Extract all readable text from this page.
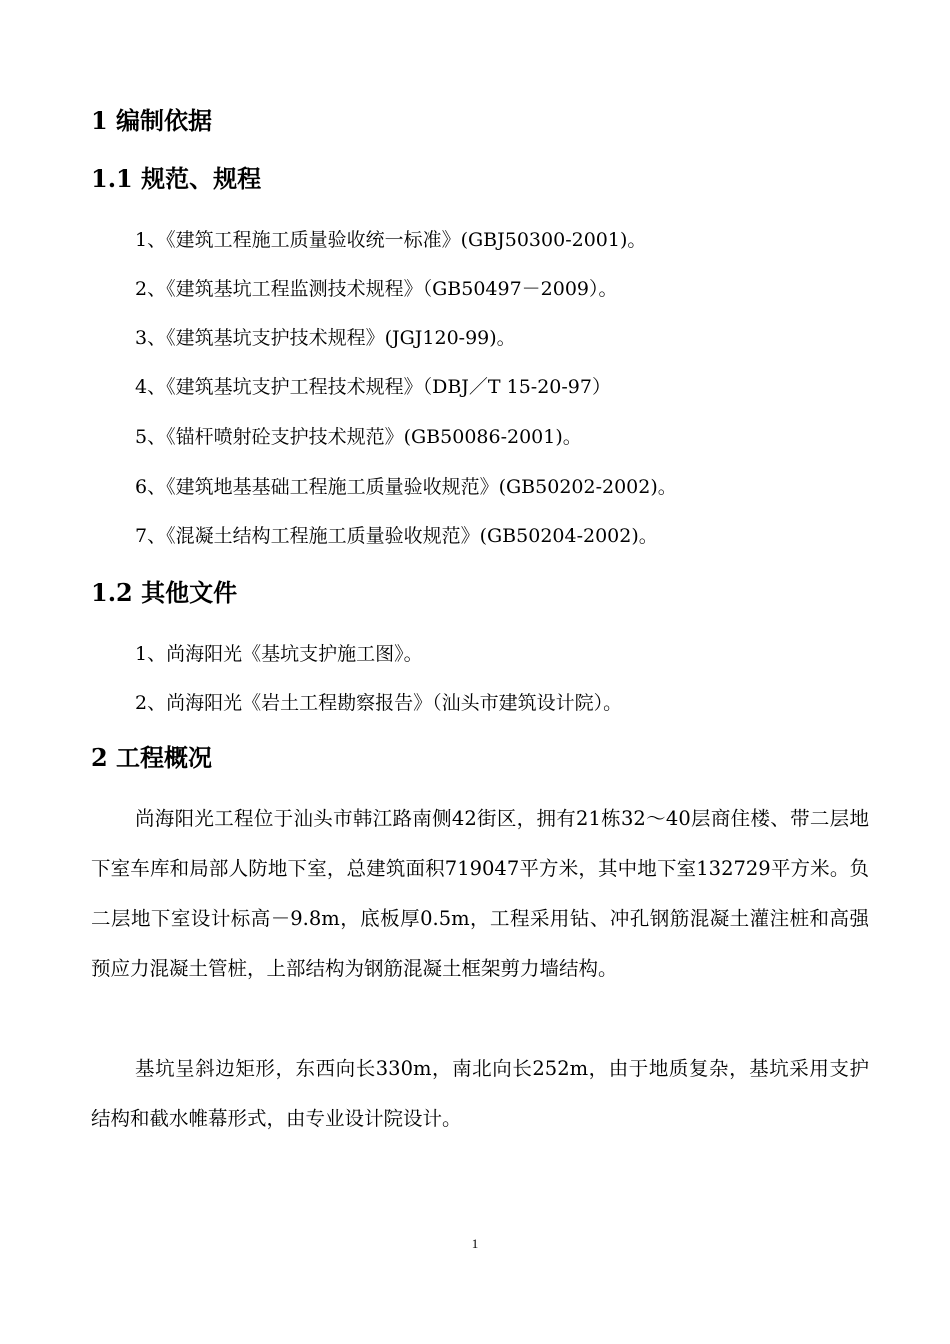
1 编制依据
1.1 规范、规程
1、《建筑工程施工质量验收统一标准》(GBJ50300-2001)。
2、《建筑基坑工程监测技术规程》（GB50497－2009）。
3、《建筑基坑支护技术规程》(JGJ120-99)。
4、《建筑基坑支护工程技术规程》（DBJ／T 15-20-97）
5、《锚杆喷射砼支护技术规范》(GB50086-2001)。
6、《建筑地基基础工程施工质量验收规范》(GB50202-2002)。
7、《混凝土结构工程施工质量验收规范》(GB50204-2002)。
1.2 其他文件
1、尚海阳光《基坑支护施工图》。
2、尚海阳光《岩土工程勘察报告》（汕头市建筑设计院）。
2 工程概况
尚海阳光工程位于汕头市韩江路南侧42街区，拥有21栋32～40层商住楼、带二层地下室车库和局部人防地下室，总建筑面积719047平方米，其中地下室132729平方米。负二层地下室设计标高－9.8m，底板厚0.5m，工程采用钻、冲孔钢筋混凝土灌注桩和高强预应力混凝土管桩，上部结构为钢筋混凝土框架剪力墙结构。
基坑呈斜边矩形，东西向长330m，南北向长252m，由于地质复杂，基坑采用支护结构和截水帷幕形式，由专业设计院设计。
1
